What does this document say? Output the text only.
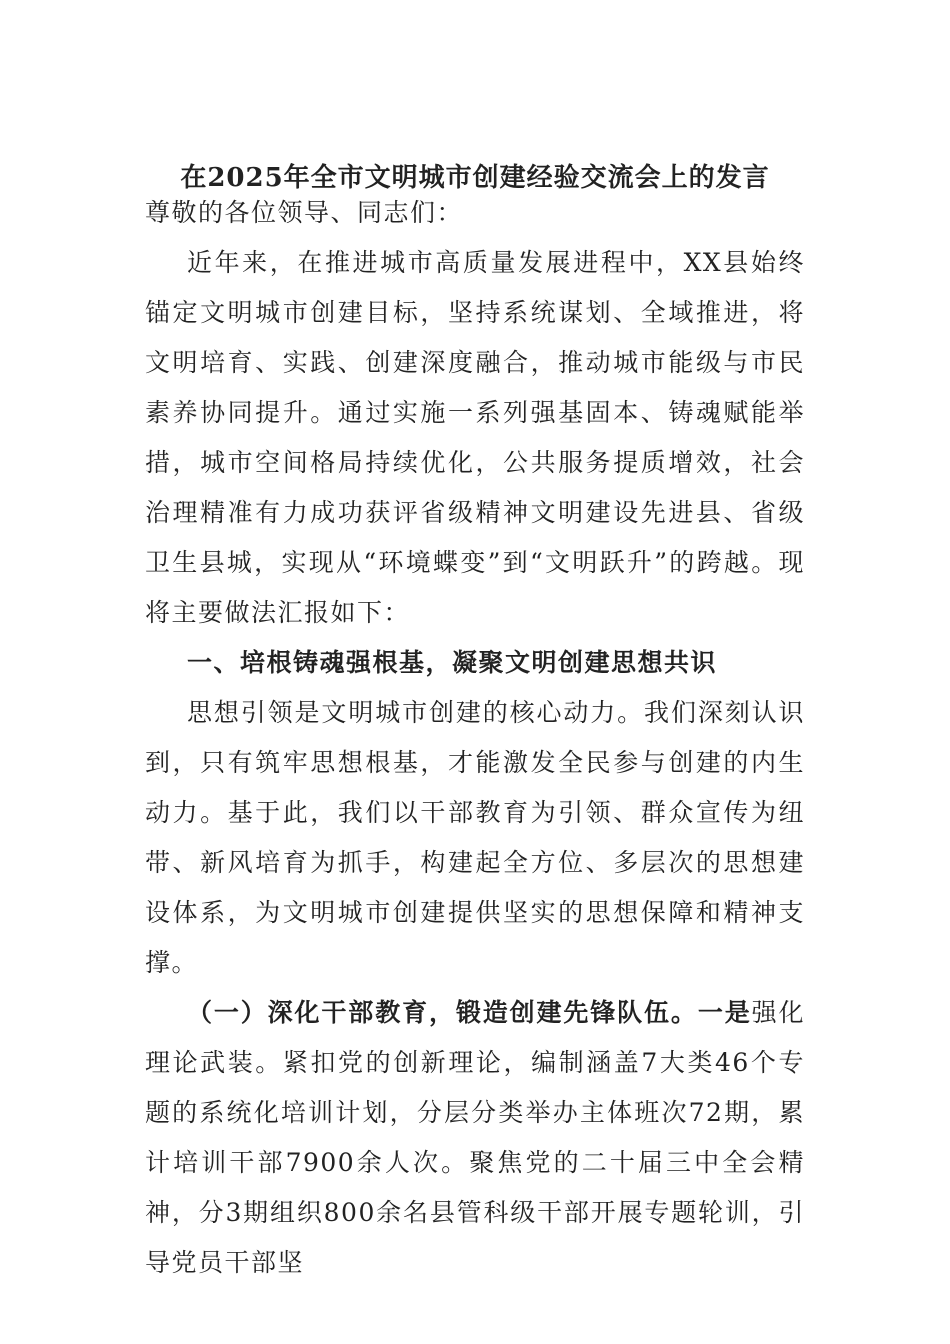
在2025年全市文明城市创建经验交流会上的发言

尊敬的各位领导、同志们：

近年来，在推进城市高质量发展进程中，XX县始终锚定文明城市创建目标，坚持系统谋划、全域推进，将文明培育、实践、创建深度融合，推动城市能级与市民素养协同提升。通过实施一系列强基固本、铸魂赋能举措，城市空间格局持续优化，公共服务提质增效，社会治理精准有力成功获评省级精神文明建设先进县、省级卫生县城，实现从“环境蝶变”到“文明跃升”的跨越。现将主要做法汇报如下：

一、培根铸魂强根基，凝聚文明创建思想共识

思想引领是文明城市创建的核心动力。我们深刻认识到，只有筑牢思想根基，才能激发全民参与创建的内生动力。基于此，我们以干部教育为引领、群众宣传为纽带、新风培育为抓手，构建起全方位、多层次的思想建设体系，为文明城市创建提供坚实的思想保障和精神支撑。

（一）深化干部教育，锻造创建先锋队伍。一是强化理论武装。紧扣党的创新理论，编制涵盖7大类46个专题的系统化培训计划，分层分类举办主体班次72期，累计培训干部7900余人次。聚焦党的二十届三中全会精神，分3期组织800余名县管科级干部开展专题轮训，引导党员干部坚
